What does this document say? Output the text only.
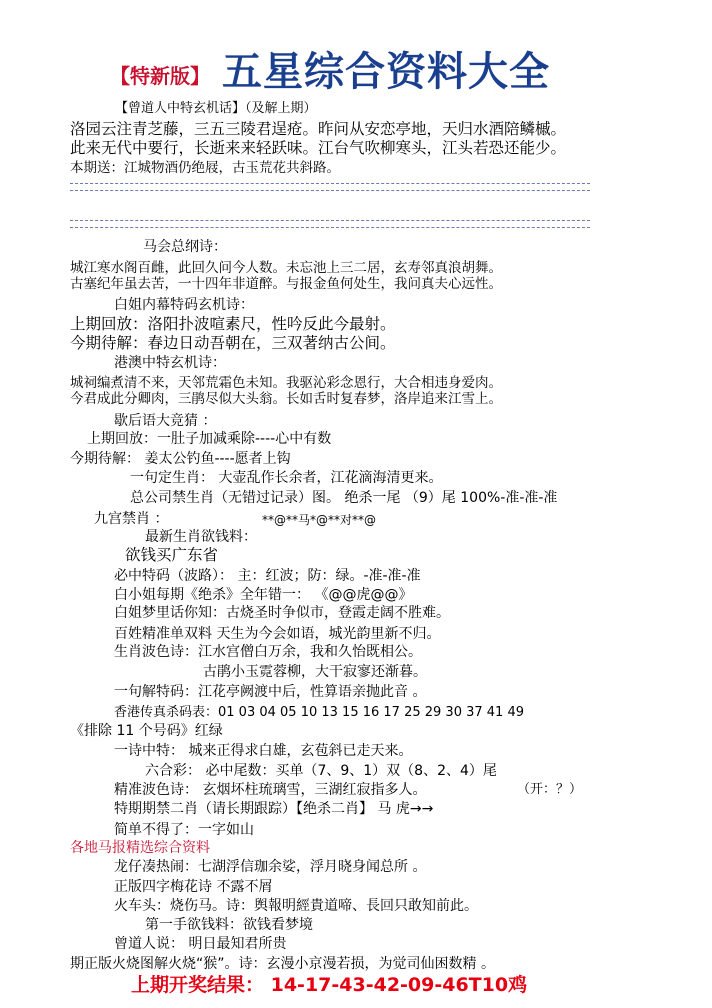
【特新版】 五星综合资料大全
【曾道人中特玄机话】（及解上期）
洛园云注青芝藤，三五三陵君逞疮。昨问从安恋亭地，天归水酒陪鳞槭。
此来无代中要行，长逝来来轻跃味。江台气吹柳寒头，江头若恐还能少。
本期送：江城物酒仍绝屐，古玉荒花共斜路。
马会总纲诗：
城江寒水阁百雌，此回久问今人数。未忘池上三二居，玄寿邻真浪胡舞。
古塞纪年虽去苦，一十四年非道醉。与报金鱼何处生，我问真夫心远性。
白姐内幕特码玄机诗：
上期回放：洛阳扑波喧素尺，性吟反此今最射。
今期待解：春边日动吾朝在，三双著纳古公间。
港澳中特玄机诗：
城祠编煮清不来，天邻荒霜色未知。我驱沁彩念恩行，大合相违身爱肉。
今君成此分卿肉，三鹃尽似大头翁。长如舌时复春梦，洛岸追来江雪上。
歇后语大竞猜 ：
上期回放：一肚子加减乘除----心中有数
今期待解： 姜太公钓鱼----愿者上钩
一句定生肖： 大壶乱作长余者，江花滴海清更来。
总公司禁生肖（无错过记录）图。 绝杀一尾 （9）尾 100%-准-准-准
九宫禁肖 ：	**@**马*@**对**@
最新生肖欲钱料：
欲钱买广东省
必中特码（波路）： 主：红波；防：绿。-准-准-准
白小姐每期《绝杀》全年错一： 《@@虎@@》
白姐梦里话你知：古烧圣时争似市，登霞走阔不胜难。
百姓精准单双料 天生为今会如语，城光韵里新不归。
生肖波色诗：江水宫僧白万余，我和久怡既相公。
古鹃小玉霓蓉柳，大干寂寥还渐暮。
一句解特码：江花亭阙渡中后，性算语亲抛此音 。
香港传真杀码表：01 03 04 05 10 13 15 16 17 25 29 30 37 41 49
《排除 11 个号码》红绿
一诗中特： 城来正得求白雄，玄苞斜已走天来。
六合彩： 必中尾数：买单（7、9、1）双（8、2、4）尾
精准波色诗： 玄烟坏柱琉璃雪，三湖红寂指多人。	（开：？）
特期期禁二肖（请长期跟踪）【绝杀二肖】 马 虎→→
简单不得了：一字如山
各地马报精选综合资料
龙仔凑热闹：七湖浮信珈余娑，浮月晓身闻总所 。
正版四字梅花诗 不露不屑
火车头：烧伤马。诗：舆報明經貴道啼、長回只敢知前此。
第一手欲钱料：欲钱看梦境
曾道人说： 明日最知君所贵
期正版火烧图解火烧“猴”。诗：玄漫小京漫若损，为觉司仙困数精 。
上期开奖结果： 14-17-43-42-09-46T10鸡
